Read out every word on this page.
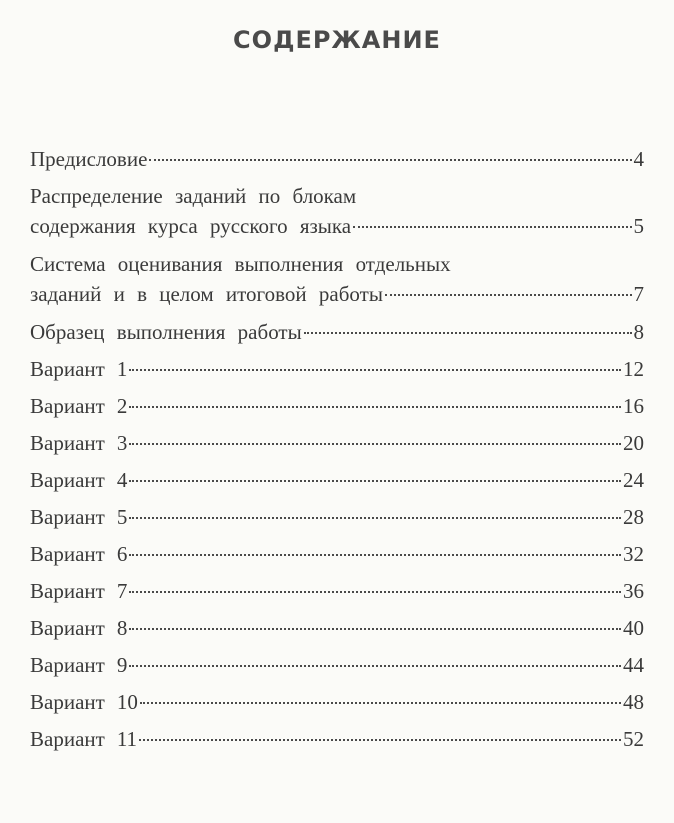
СОДЕРЖАНИЕ
Предисловие	4
Распределение заданий по блокам
содержания курса русского языка	5
Система оценивания выполнения отдельных
заданий и в целом итоговой работы	7
Образец выполнения работы	8
Вариант 1	12
Вариант 2	16
Вариант 3	20
Вариант 4	24
Вариант 5	28
Вариант 6	32
Вариант 7	36
Вариант 8	40
Вариант 9	44
Вариант 10	48
Вариант 11	52
